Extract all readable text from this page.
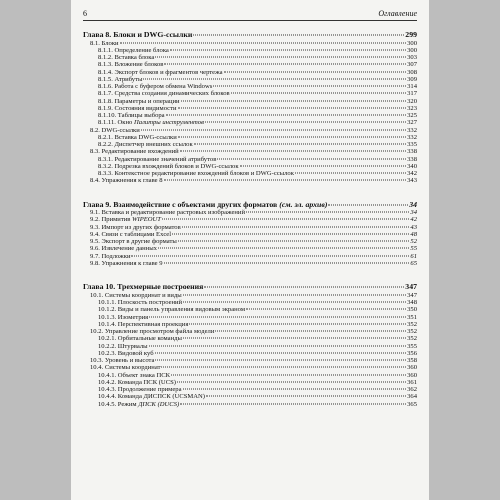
6	Оглавление
Глава 8. Блоки и DWG-ссылки	299
8.1. Блоки	300
8.1.1. Определение блока	300
8.1.2. Вставка блока	303
8.1.3. Вложение блоков	307
8.1.4. Экспорт блоков и фрагментов чертежа	308
8.1.5. Атрибуты	309
8.1.6. Работа с буфером обмена Windows	314
8.1.7. Средства создания динамических блоков	317
8.1.8. Параметры и операции	320
8.1.9. Состояния видимости	323
8.1.10. Таблицы выбора	325
8.1.11. Окно Палитры инструментов	327
8.2. DWG-ссылки	332
8.2.1. Вставка DWG-ссылки	332
8.2.2. Диспетчер внешних ссылок	335
8.3. Редактирование вхождений	338
8.3.1. Редактирование значений атрибутов	338
8.3.2. Подрезка вхождений блоков и DWG-ссылок	340
8.3.3. Контекстное редактирование вхождений блоков и DWG-ссылок	342
8.4. Упражнения к главе 8	343
Глава 9. Взаимодействие с объектами других форматов (см. эл. архив)	34
9.1. Вставка и редактирование растровых изображений	34
9.2. Примитив WIPEOUT	42
9.3. Импорт из других форматов	43
9.4. Связи с таблицами Excel	48
9.5. Экспорт в другие форматы	52
9.6. Извлечение данных	55
9.7. Подложки	61
9.8. Упражнения к главе 9	65
Глава 10. Трехмерные построения	347
10.1. Системы координат и виды	347
10.1.1. Плоскость построений	348
10.1.2. Виды и панель управления видовым экраном	350
10.1.3. Изометрия	351
10.1.4. Перспективная проекция	352
10.2. Управление просмотром файла модели	352
10.2.1. Орбитальные команды	352
10.2.2. Штурвалы	355
10.2.3. Видовой куб	356
10.3. Уровень и высота	358
10.4. Системы координат	360
10.4.1. Объект знака ПСК	360
10.4.2. Команда ПСК (UCS)	361
10.4.3. Продолжение примера	362
10.4.4. Команда ДИСПСК (UCSMAN)	364
10.4.5. Режим ДПСК (DUCS)	365
